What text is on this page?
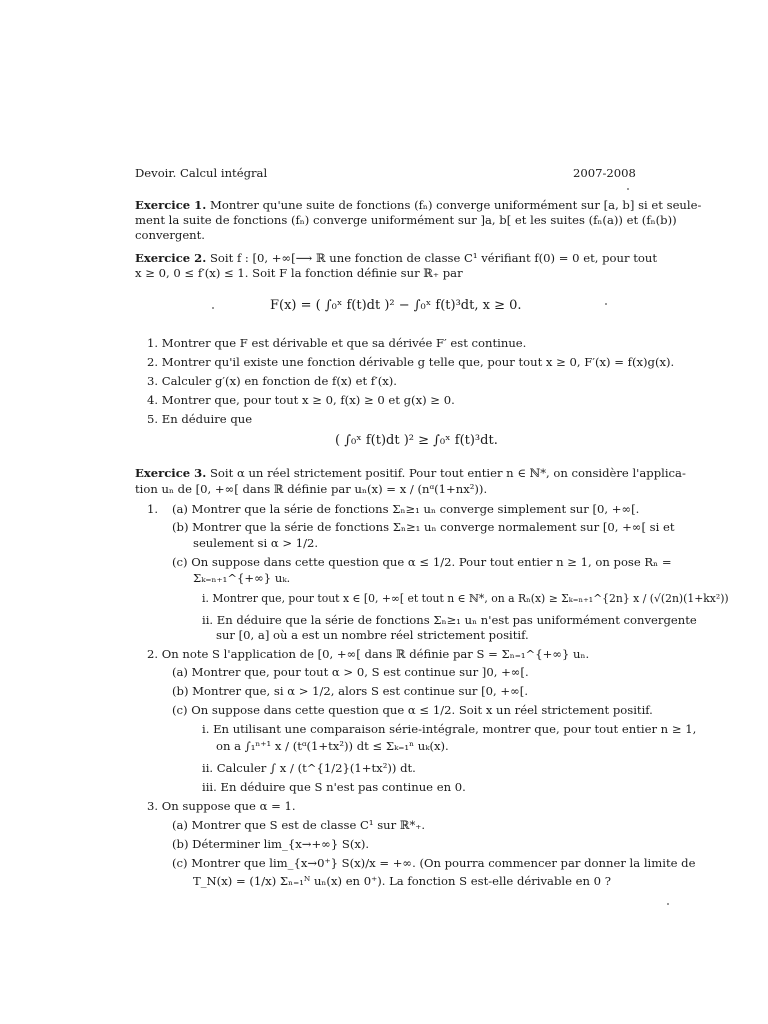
Devoir. Calcul intégral	2007-2008
Exercice 1. Montrer qu'une suite de fonctions (fₙ) converge uniformément sur [a, b] si et seule-
ment la suite de fonctions (fₙ) converge uniformément sur ]a, b[ et les suites (fₙ(a)) et (fₙ(b))
convergent.
Exercice 2. Soit f : [0, +∞[⟶ ℝ une fonction de classe C¹ vérifiant f(0) = 0 et, pour tout
x ≥ 0, 0 ≤ f′(x) ≤ 1. Soit F la fonction définie sur ℝ₊ par
F(x) = ( ∫₀ˣ f(t)dt )² − ∫₀ˣ f(t)³dt, x ≥ 0.
1. Montrer que F est dérivable et que sa dérivée F′ est continue.
2. Montrer qu'il existe une fonction dérivable g telle que, pour tout x ≥ 0, F′(x) = f(x)g(x).
3. Calculer g′(x) en fonction de f(x) et f′(x).
4. Montrer que, pour tout x ≥ 0, f(x) ≥ 0 et g(x) ≥ 0.
5. En déduire que
( ∫₀ˣ f(t)dt )² ≥ ∫₀ˣ f(t)³dt.
Exercice 3. Soit α un réel strictement positif. Pour tout entier n ∈ ℕ*, on considère l'applica-
tion uₙ de [0, +∞[ dans ℝ définie par uₙ(x) = x / (nᵅ(1+nx²)).
1. (a) Montrer que la série de fonctions Σₙ≥₁ uₙ converge simplement sur [0, +∞[.
(b) Montrer que la série de fonctions Σₙ≥₁ uₙ converge normalement sur [0, +∞[ si et
seulement si α > 1/2.
(c) On suppose dans cette question que α ≤ 1/2. Pour tout entier n ≥ 1, on pose Rₙ =
Σₖ₌ₙ₊₁^{+∞} uₖ.
i. Montrer que, pour tout x ∈ [0, +∞[ et tout n ∈ ℕ*, on a Rₙ(x) ≥ Σₖ₌ₙ₊₁^{2n} x / (√(2n)(1+kx²))
ii. En déduire que la série de fonctions Σₙ≥₁ uₙ n'est pas uniformément convergente
sur [0, a] où a est un nombre réel strictement positif.
2. On note S l'application de [0, +∞[ dans ℝ définie par S = Σₙ₌₁^{+∞} uₙ.
(a) Montrer que, pour tout α > 0, S est continue sur ]0, +∞[.
(b) Montrer que, si α > 1/2, alors S est continue sur [0, +∞[.
(c) On suppose dans cette question que α ≤ 1/2. Soit x un réel strictement positif.
i. En utilisant une comparaison série-intégrale, montrer que, pour tout entier n ≥ 1,
on a ∫₁ⁿ⁺¹ x / (tᵅ(1+tx²)) dt ≤ Σₖ₌₁ⁿ uₖ(x).
ii. Calculer ∫ x / (t^{1/2}(1+tx²)) dt.
iii. En déduire que S n'est pas continue en 0.
3. On suppose que α = 1.
(a) Montrer que S est de classe C¹ sur ℝ*₊.
(b) Déterminer lim_{x→+∞} S(x).
(c) Montrer que lim_{x→0⁺} S(x)/x = +∞. (On pourra commencer par donner la limite de
T_N(x) = (1/x) Σₙ₌₁ᴺ uₙ(x) en 0⁺). La fonction S est-elle dérivable en 0 ?
